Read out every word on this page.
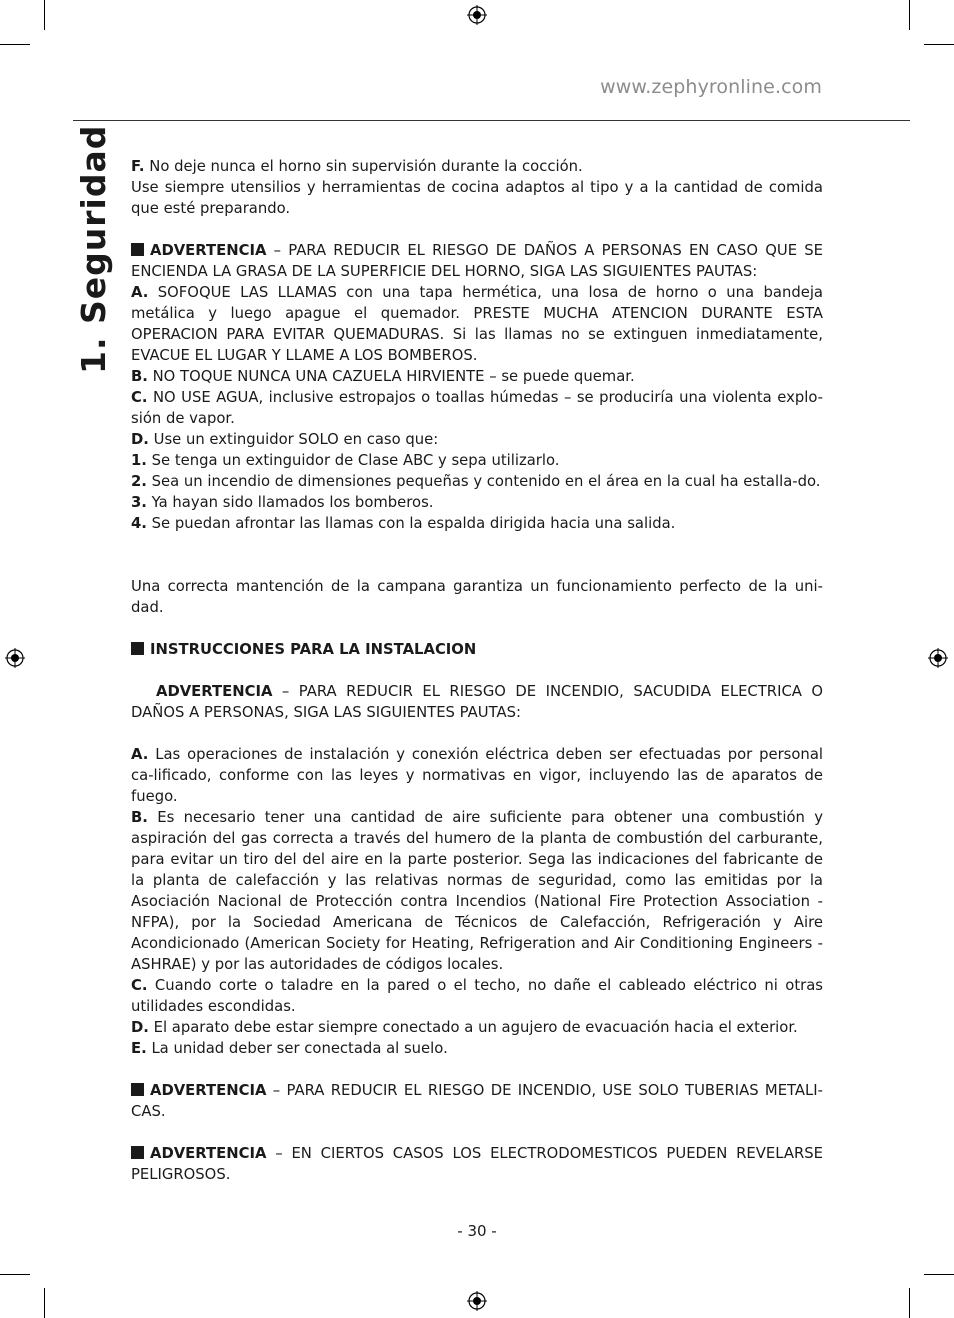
www.zephyronline.com
1. Seguridad F. No deje nunca el horno sin supervisión durante la cocción.

Use siempre utensilios y herramientas de cocina adaptos al tipo y a la cantidad de comida que esté preparando.

ADVERTENCIA – PARA REDUCIR EL RIESGO DE DAÑOS A PERSONAS EN CASO QUE SE ENCIENDA LA GRASA DE LA SUPERFICIE DEL HORNO, SIGA LAS SIGUIENTES PAUTAS:

A. SOFOQUE LAS LLAMAS con una tapa hermética, una losa de horno o una bandeja metálica y luego apague el quemador. PRESTE MUCHA ATENCION DURANTE ESTA OPERACION PARA EVITAR QUEMADURAS. Si las llamas no se extinguen inmediatamente, EVACUE EL LUGAR Y LLAME A LOS BOMBEROS.

B. NO TOQUE NUNCA UNA CAZUELA HIRVIENTE – se puede quemar.

C. NO USE AGUA, inclusive estropajos o toallas húmedas – se produciría una violenta explo-sión de vapor.

D. Use un extinguidor SOLO en caso que:

1. Se tenga un extinguidor de Clase ABC y sepa utilizarlo.

2. Sea un incendio de dimensiones pequeñas y contenido en el área en la cual ha estalla-do.

3. Ya hayan sido llamados los bomberos.

4. Se puedan afrontar las llamas con la espalda dirigida hacia una salida.

Una correcta mantención de la campana garantiza un funcionamiento perfecto de la uni-dad.

INSTRUCCIONES PARA LA INSTALACION

ADVERTENCIA – PARA REDUCIR EL RIESGO DE INCENDIO, SACUDIDA ELECTRICA O DAÑOS A PERSONAS, SIGA LAS SIGUIENTES PAUTAS:

A. Las operaciones de instalación y conexión eléctrica deben ser efectuadas por personal ca-lificado, conforme con las leyes y normativas en vigor, incluyendo las de aparatos de fuego.

B. Es necesario tener una cantidad de aire suficiente para obtener una combustión y aspiración del gas correcta a través del humero de la planta de combustión del carburante, para evitar un tiro del del aire en la parte posterior. Sega las indicaciones del fabricante de la planta de calefacción y las relativas normas de seguridad, como las emitidas por la Asociación Nacional de Protección contra Incendios (National Fire Protection Association - NFPA), por la Sociedad Americana de Técnicos de Calefacción, Refrigeración y Aire Acondicionado (American Society for Heating, Refrigeration and Air Conditioning Engineers - ASHRAE) y por las autoridades de códigos locales.

C. Cuando corte o taladre en la pared o el techo, no dañe el cableado eléctrico ni otras utilidades escondidas.

D. El aparato debe estar siempre conectado a un agujero de evacuación hacia el exterior.

E. La unidad deber ser conectada al suelo.

ADVERTENCIA – PARA REDUCIR EL RIESGO DE INCENDIO, USE SOLO TUBERIAS METALI-CAS.

ADVERTENCIA – EN CIERTOS CASOS LOS ELECTRODOMESTICOS PUEDEN REVELARSE PELIGROSOS.

- 30 -
